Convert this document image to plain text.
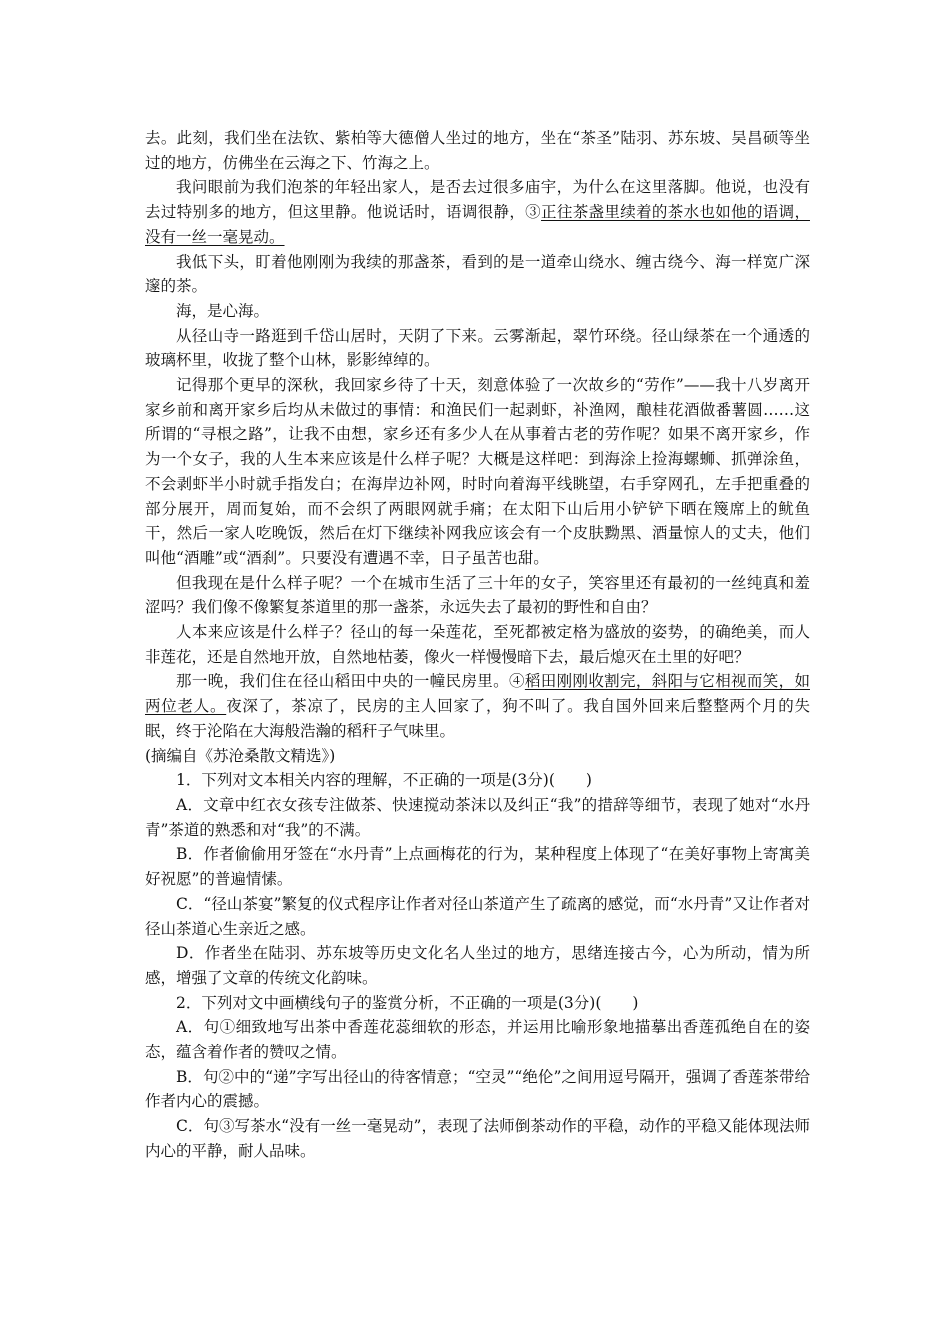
去。此刻，我们坐在法钦、紫柏等大德僧人坐过的地方，坐在“茶圣”陆羽、苏东坡、吴昌硕等坐过的地方，仿佛坐在云海之下、竹海之上。

我问眼前为我们泡茶的年轻出家人，是否去过很多庙宇，为什么在这里落脚。他说，也没有去过特别多的地方，但这里静。他说话时，语调很静，③正往茶盏里续着的茶水也如他的语调，没有一丝一毫晃动。

我低下头，盯着他刚刚为我续的那盏茶，看到的是一道牵山绕水、缠古绕今、海一样宽广深邃的茶。

海，是心海。

从径山寺一路逛到千岱山居时，天阴了下来。云雾渐起，翠竹环绕。径山绿茶在一个通透的玻璃杯里，收拢了整个山林，影影绰绰的。

记得那个更早的深秋，我回家乡待了十天，刻意体验了一次故乡的“劳作”——我十八岁离开家乡前和离开家乡后均从未做过的事情：和渔民们一起剥虾，补渔网，酿桂花酒做番薯圆……这所谓的“寻根之路”，让我不由想，家乡还有多少人在从事着古老的劳作呢？如果不离开家乡，作为一个女子，我的人生本来应该是什么样子呢？大概是这样吧：到海涂上捡海螺蛳、抓弹涂鱼，不会剥虾半小时就手指发白；在海岸边补网，时时向着海平线眺望，右手穿网孔，左手把重叠的部分展开，周而复始，而不会织了两眼网就手痛；在太阳下山后用小铲铲下晒在篾席上的鱿鱼干，然后一家人吃晚饭，然后在灯下继续补网我应该会有一个皮肤黝黑、酒量惊人的丈夫，他们叫他“酒雕”或“酒刹”。只要没有遭遇不幸，日子虽苦也甜。

但我现在是什么样子呢？一个在城市生活了三十年的女子，笑容里还有最初的一丝纯真和羞涩吗？我们像不像繁复茶道里的那一盏茶，永远失去了最初的野性和自由？

人本来应该是什么样子？径山的每一朵莲花，至死都被定格为盛放的姿势，的确绝美，而人非莲花，还是自然地开放，自然地枯萎，像火一样慢慢暗下去，最后熄灭在土里的好吧？

那一晚，我们住在径山稻田中央的一幢民房里。④稻田刚刚收割完，斜阳与它相视而笑，如两位老人。夜深了，茶凉了，民房的主人回家了，狗不叫了。我自国外回来后整整两个月的失眠，终于沦陷在大海般浩瀚的稻秆子气味里。

(摘编自《苏沧桑散文精选》)

1．下列对文本相关内容的理解，不正确的一项是(3分)(　　)

A．文章中红衣女孩专注做茶、快速搅动茶沫以及纠正“我”的措辞等细节，表现了她对“水丹青”茶道的熟悉和对“我”的不满。

B．作者偷偷用牙签在“水丹青”上点画梅花的行为，某种程度上体现了“在美好事物上寄寓美好祝愿”的普遍情愫。

C．“径山茶宴”繁复的仪式程序让作者对径山茶道产生了疏离的感觉，而“水丹青”又让作者对径山茶道心生亲近之感。

D．作者坐在陆羽、苏东坡等历史文化名人坐过的地方，思绪连接古今，心为所动，情为所感，增强了文章的传统文化韵味。

2．下列对文中画横线句子的鉴赏分析，不正确的一项是(3分)(　　)

A．句①细致地写出茶中香莲花蕊细软的形态，并运用比喻形象地描摹出香莲孤绝自在的姿态，蕴含着作者的赞叹之情。

B．句②中的“递”字写出径山的待客情意；“空灵”“绝伦”之间用逗号隔开，强调了香莲茶带给作者内心的震撼。

C．句③写茶水“没有一丝一毫晃动”，表现了法师倒茶动作的平稳，动作的平稳又能体现法师内心的平静，耐人品味。
